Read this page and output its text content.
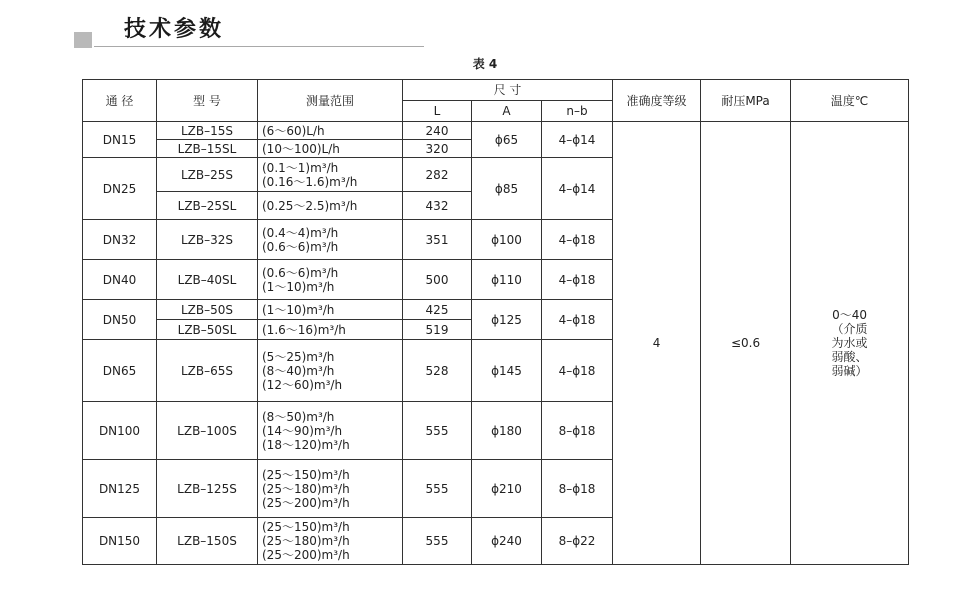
技术参数
表 4
通 径	型 号	测量范围	尺 寸			准确度等级	耐压MPa	温度℃
			L	A	n–b			
DN15	LZB–15S	(6～60)L/h	240	ϕ65	4–ϕ14	4	≤0.6	0～40
（介质
为水或
弱酸、
弱碱）

	LZB–15SL	(10～100)L/h	320					
DN25	LZB–25S	(0.1～1)m³/h
(0.16～1.6)m³/h	282	ϕ85	4–ϕ14			
	LZB–25SL	(0.25～2.5)m³/h	432					
DN32	LZB–32S	(0.4～4)m³/h
(0.6～6)m³/h	351	ϕ100	4–ϕ18			
DN40	LZB–40SL	(0.6～6)m³/h
(1～10)m³/h	500	ϕ110	4–ϕ18			
DN50	LZB–50S	(1～10)m³/h	425	ϕ125	4–ϕ18			
	LZB–50SL	(1.6～16)m³/h	519					
DN65	LZB–65S	(5～25)m³/h
(8～40)m³/h
(12～60)m³/h	528	ϕ145	4–ϕ18			
DN100	LZB–100S	(8～50)m³/h
(14～90)m³/h
(18～120)m³/h	555	ϕ180	8–ϕ18			
DN125	LZB–125S	(25～150)m³/h
(25～180)m³/h
(25～200)m³/h	555	ϕ210	8–ϕ18			
DN150	LZB–150S	(25～150)m³/h
(25～180)m³/h
(25～200)m³/h	555	ϕ240	8–ϕ22			
